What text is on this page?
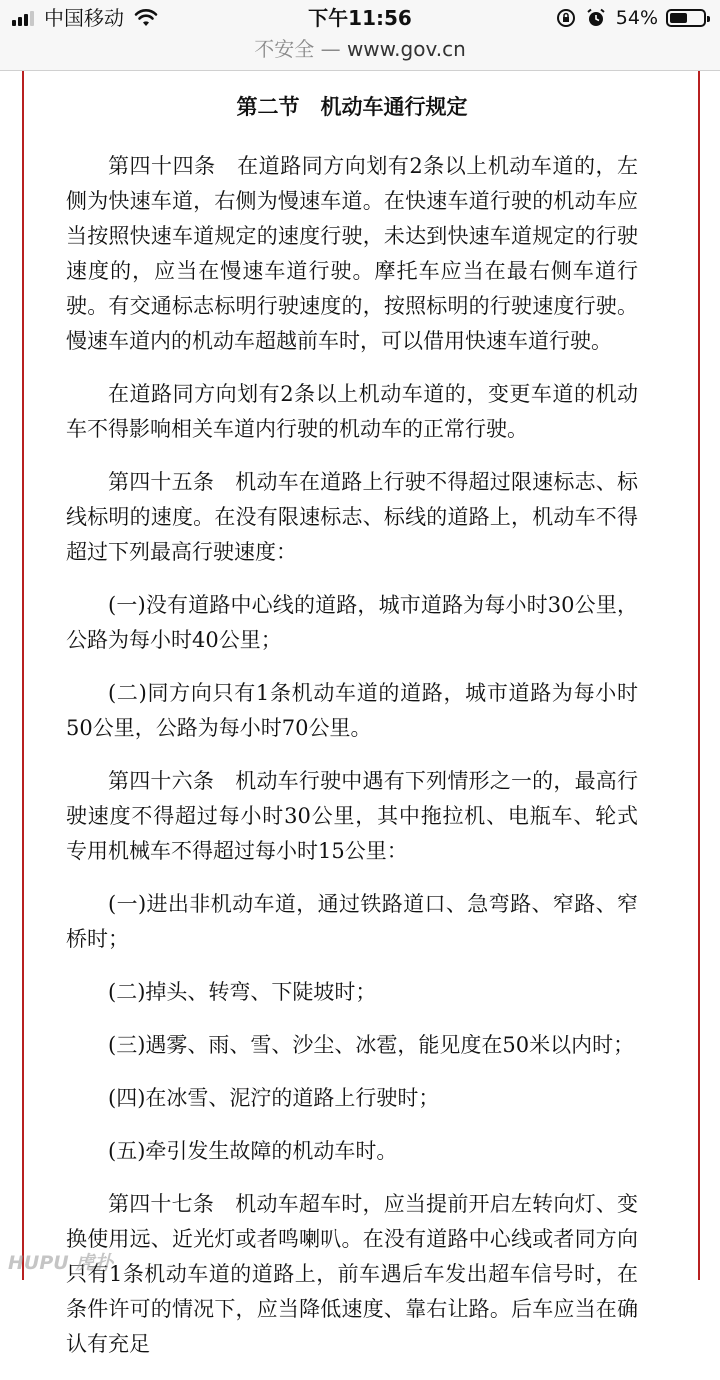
中国移动	下午11:56	54%
不安全 — www.gov.cn
第二节　机动车通行规定

第四十四条　在道路同方向划有2条以上机动车道的，左侧为快速车道，右侧为慢速车道。在快速车道行驶的机动车应当按照快速车道规定的速度行驶，未达到快速车道规定的行驶速度的，应当在慢速车道行驶。摩托车应当在最右侧车道行驶。有交通标志标明行驶速度的，按照标明的行驶速度行驶。慢速车道内的机动车超越前车时，可以借用快速车道行驶。

在道路同方向划有2条以上机动车道的，变更车道的机动车不得影响相关车道内行驶的机动车的正常行驶。

第四十五条　机动车在道路上行驶不得超过限速标志、标线标明的速度。在没有限速标志、标线的道路上，机动车不得超过下列最高行驶速度：

(一)没有道路中心线的道路，城市道路为每小时30公里，公路为每小时40公里；

(二)同方向只有1条机动车道的道路，城市道路为每小时50公里，公路为每小时70公里。

第四十六条　机动车行驶中遇有下列情形之一的，最高行驶速度不得超过每小时30公里，其中拖拉机、电瓶车、轮式专用机械车不得超过每小时15公里：

(一)进出非机动车道，通过铁路道口、急弯路、窄路、窄桥时；

(二)掉头、转弯、下陡坡时；

(三)遇雾、雨、雪、沙尘、冰雹，能见度在50米以内时；

(四)在冰雪、泥泞的道路上行驶时；

(五)牵引发生故障的机动车时。

第四十七条　机动车超车时，应当提前开启左转向灯、变换使用远、近光灯或者鸣喇叭。在没有道路中心线或者同方向只有1条机动车道的道路上，前车遇后车发出超车信号时，在条件许可的情况下，应当降低速度、靠右让路。后车应当在确认有充足

HUPU 虎扑
